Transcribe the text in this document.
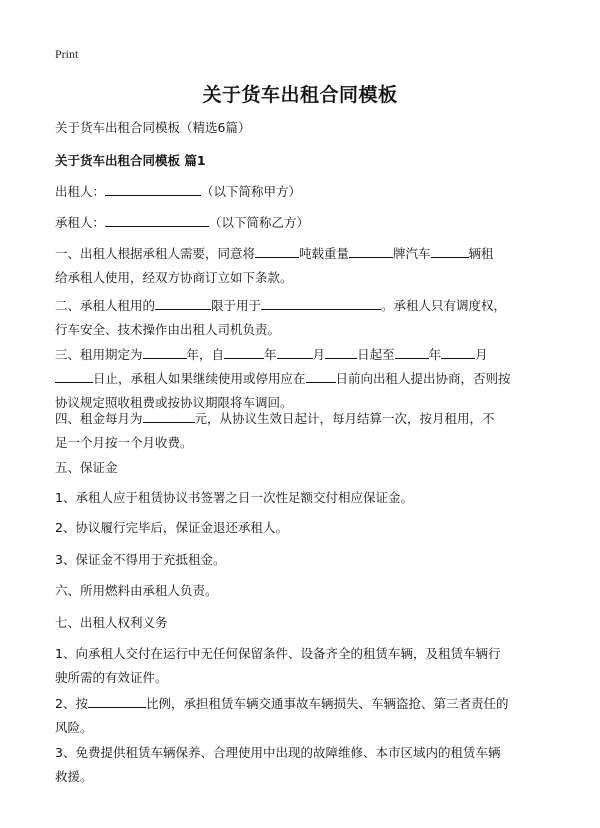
Print
关于货车出租合同模板
关于货车出租合同模板（精选6篇）
关于货车出租合同模板 篇1
出租人：	（以下简称甲方）
承租人：	（以下简称乙方）
一、出租人根据承租人需要，同意将	吨载重量	牌汽车	辆租
给承租人使用，经双方协商订立如下条款。
二、承租人租用的	限于用于	。承租人只有调度权，
行车安全、技术操作由出租人司机负责。
三、租用期定为	年，自	年	月	日起至	年	月
日止，承租人如果继续使用或停用应在 日前向出租人提出协商，否则按
协议规定照收租费或按协议期限将车调回。
四、租金每月为	元，从协议生效日起计，每月结算一次，按月租用，不
足一个月按一个月收费。
五、保证金
1、承租人应于租赁协议书签署之日一次性足额交付相应保证金。
2、协议履行完毕后，保证金退还承租人。
3、保证金不得用于充抵租金。
六、所用燃料由承租人负责。
七、出租人权利义务
1、向承租人交付在运行中无任何保留条件、设备齐全的租赁车辆，及租赁车辆行
驶所需的有效证件。
2、按	比例，承担租赁车辆交通事故车辆损失、车辆盗抢、第三者责任的
风险。
3、免费提供租赁车辆保养、合理使用中出现的故障维修、本市区域内的租赁车辆
救援。
